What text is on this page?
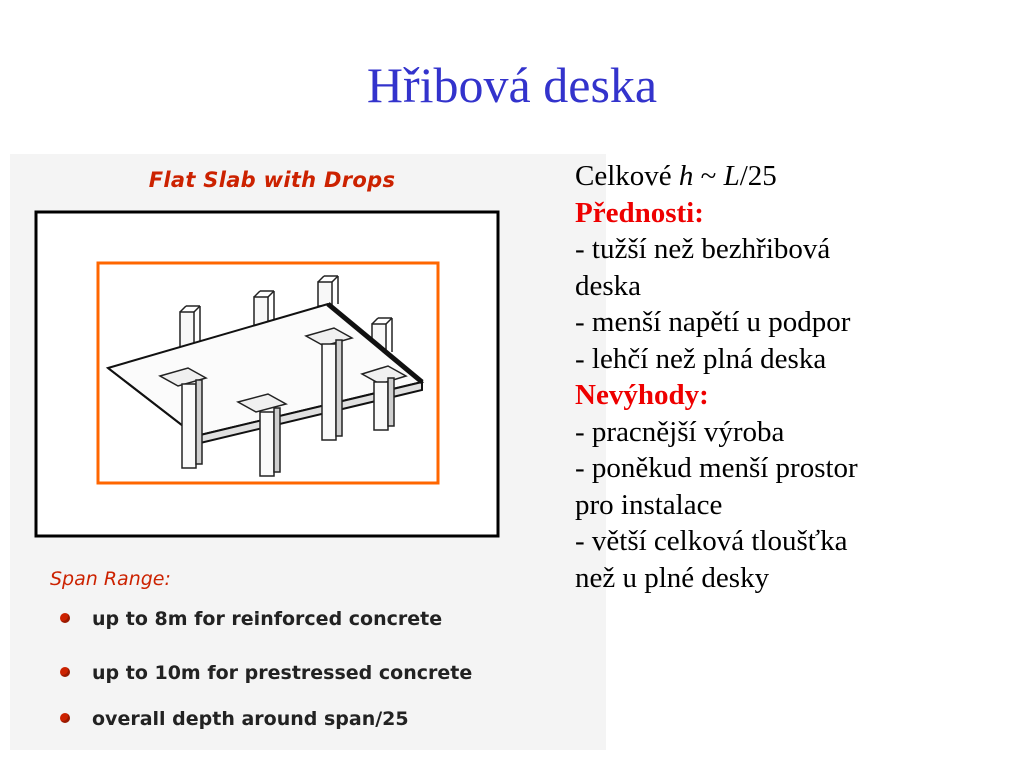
Hřibová deska
Flat Slab with Drops
Span Range:
up to 8m for reinforced concrete
up to 10m for prestressed concrete
overall depth around span/25
Celkové h ~ L/25
Přednosti:
- tužší než bezhřibová
deska
- menší napětí u podpor
- lehčí než plná deska
Nevýhody:
- pracnější výroba
- poněkud menší prostor
pro instalace
- větší celková tloušťka
než u plné desky
